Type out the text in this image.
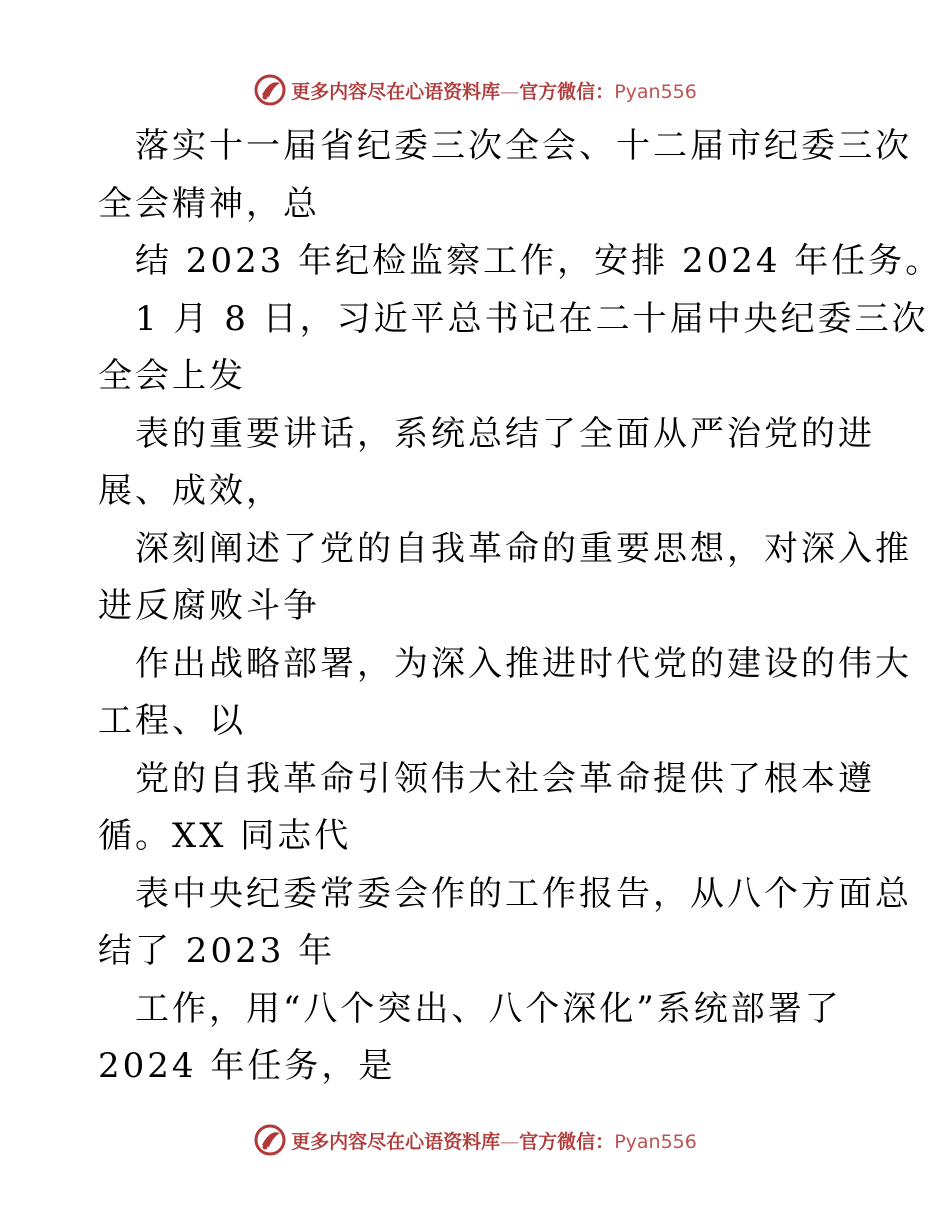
更多内容尽在心语资料库—官方微信：Pyan556
落实十一届省纪委三次全会、十二届市纪委三次
全会精神，总
结 2023 年纪检监察工作，安排 2024 年任务。
1 月 8 日，习近平总书记在二十届中央纪委三次
全会上发
表的重要讲话，系统总结了全面从严治党的进
展、成效，
深刻阐述了党的自我革命的重要思想，对深入推
进反腐败斗争
作出战略部署，为深入推进时代党的建设的伟大
工程、以
党的自我革命引领伟大社会革命提供了根本遵
循。XX 同志代
表中央纪委常委会作的工作报告，从八个方面总
结了 2023 年
工作，用“八个突出、八个深化”系统部署了
2024 年任务，是
更多内容尽在心语资料库—官方微信：Pyan556
